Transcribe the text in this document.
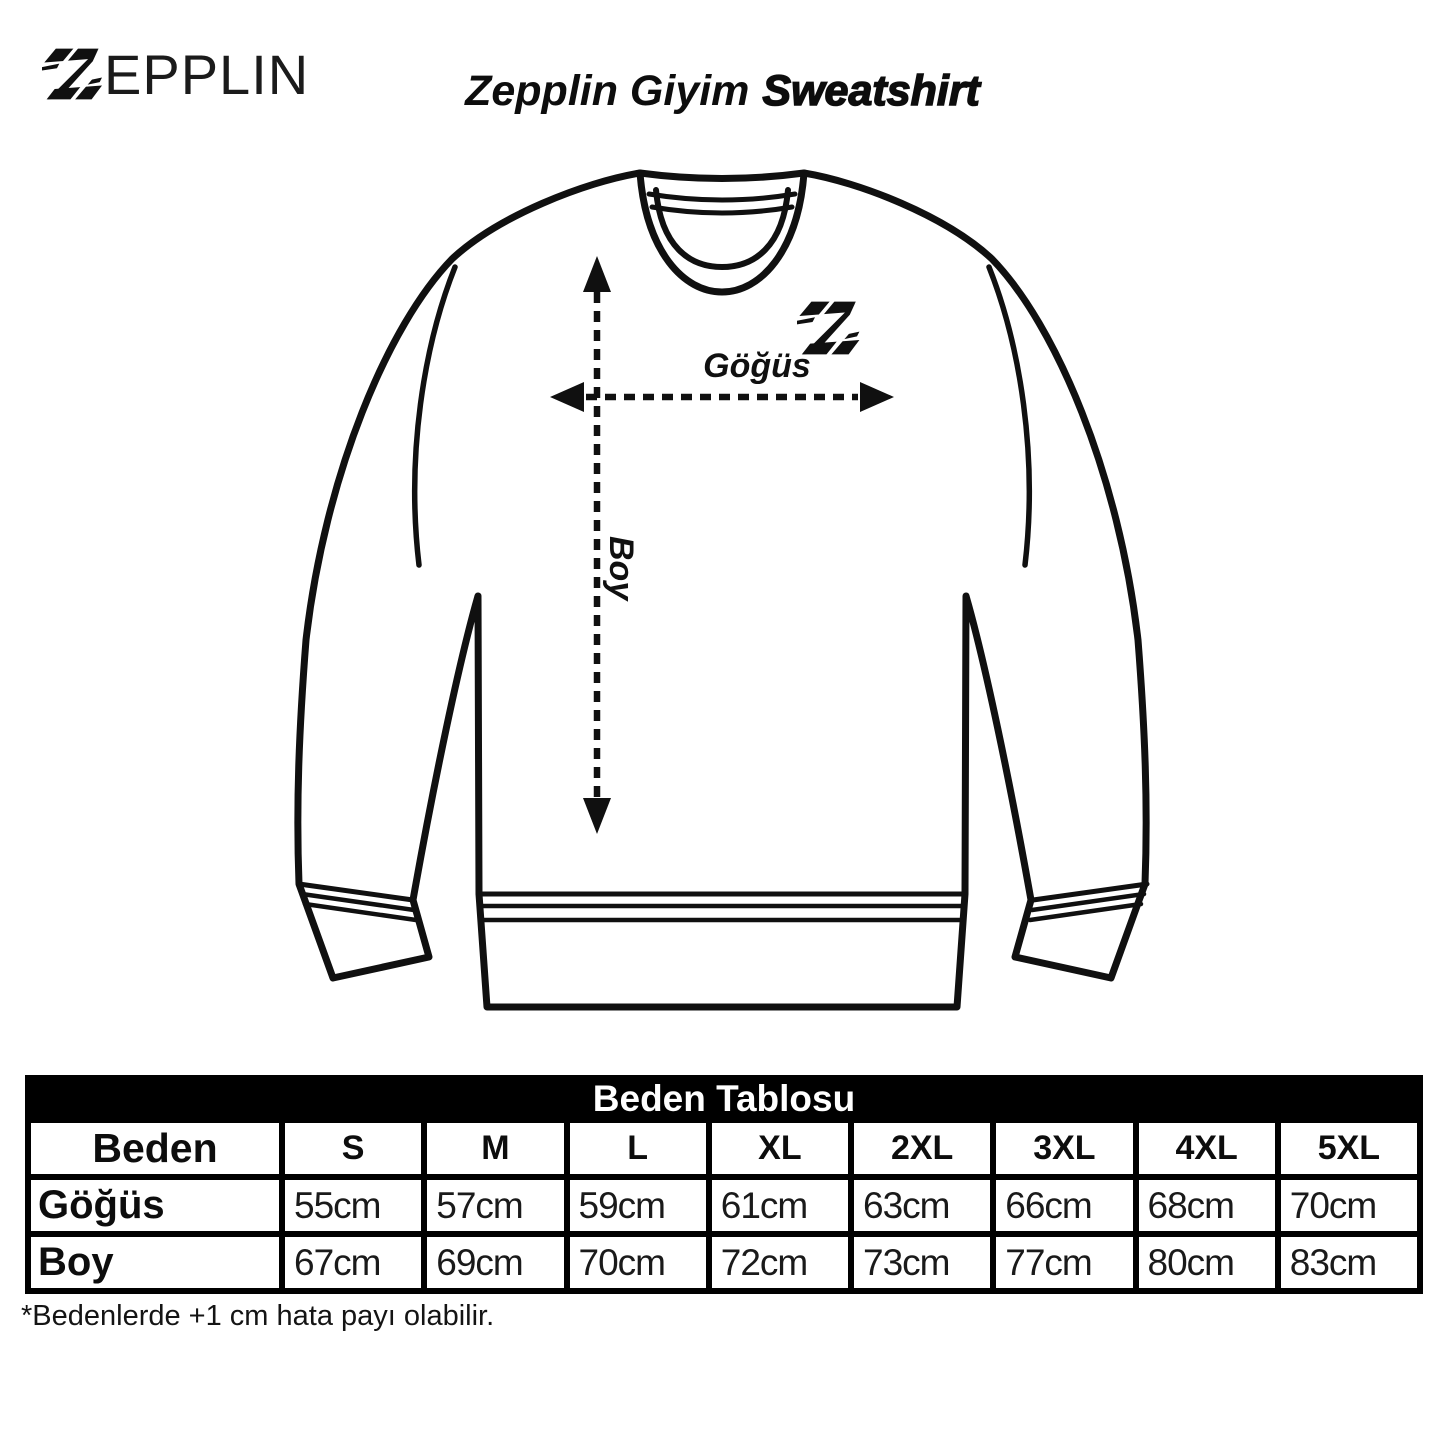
EPPLIN	Zepplin Giyim Sweatshirt
Göğüs
Boy
Beden Tablosu
Beden	S	M	L	XL	2XL	3XL	4XL	5XL
Göğüs	55cm	57cm	59cm	61cm	63cm	66cm	68cm	70cm
Boy	67cm	69cm	70cm	72cm	73cm	77cm	80cm	83cm
*Bedenlerde +1 cm hata payı olabilir.
